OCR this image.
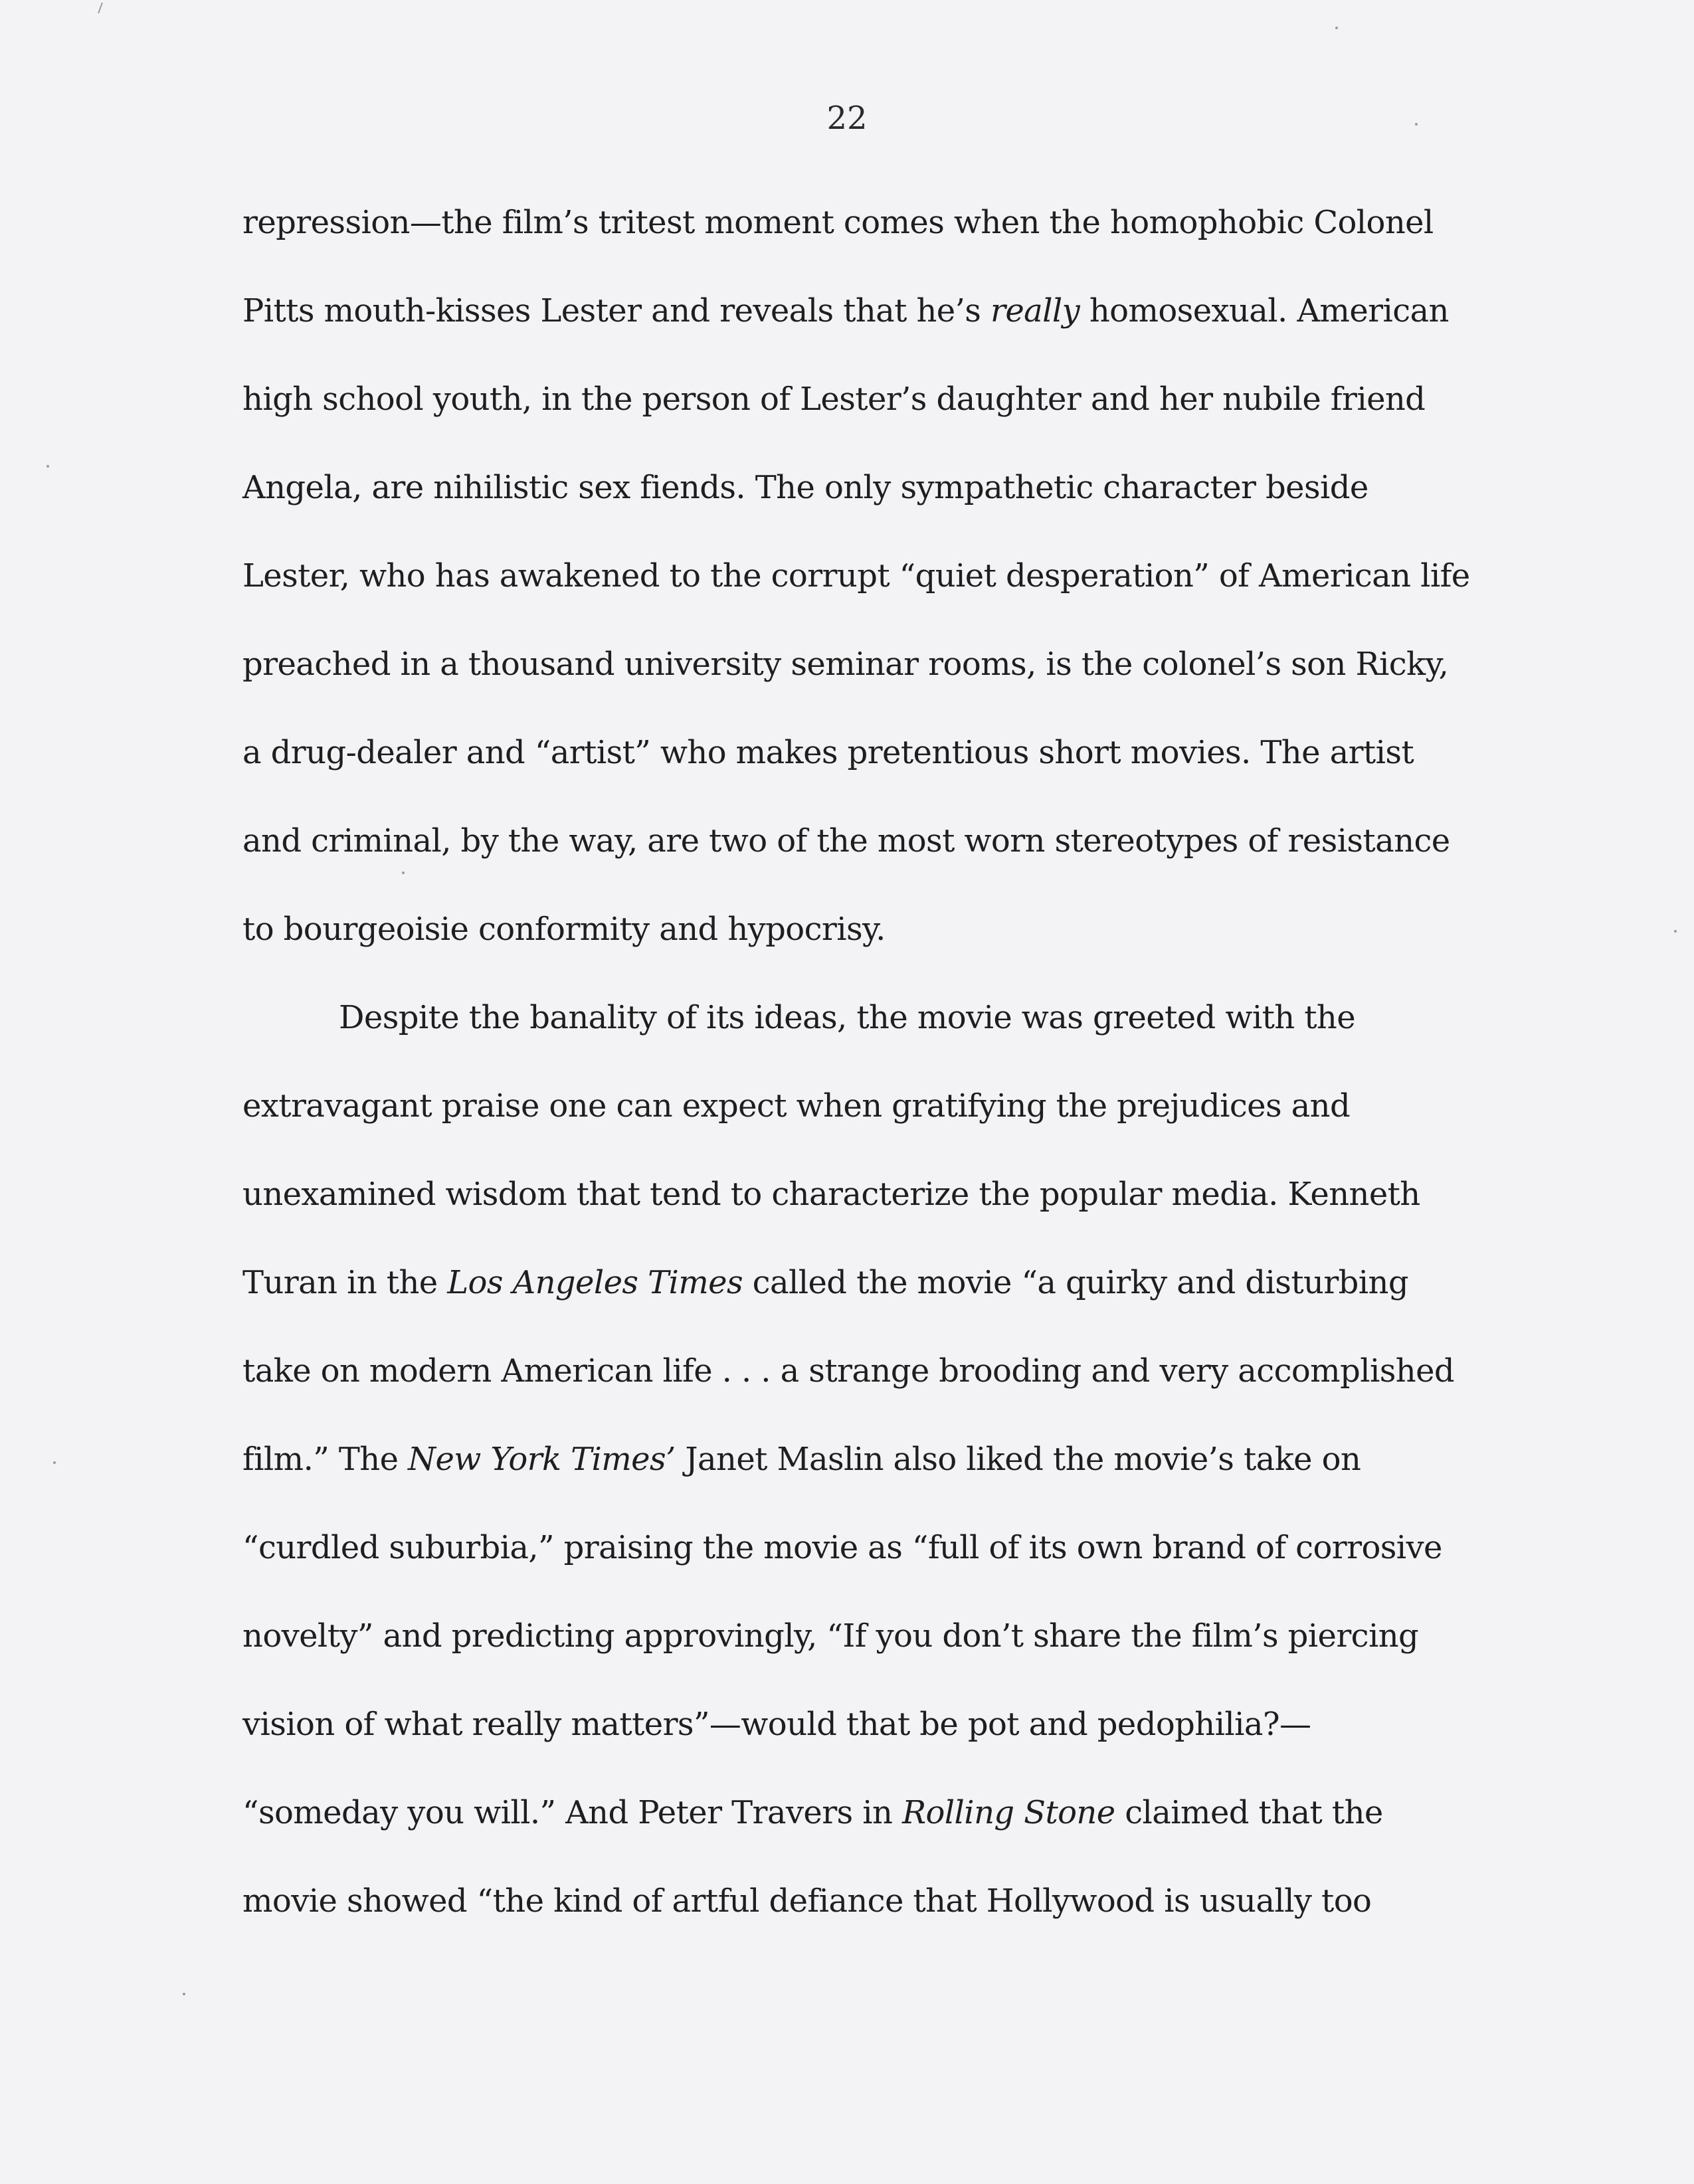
22

repression—the film’s tritest moment comes when the homophobic Colonel

Pitts mouth-kisses Lester and reveals that he’s really homosexual. American

high school youth, in the person of Lester’s daughter and her nubile friend

Angela, are nihilistic sex fiends. The only sympathetic character beside

Lester, who has awakened to the corrupt “quiet desperation” of American life

preached in a thousand university seminar rooms, is the colonel’s son Ricky,

a drug-dealer and “artist” who makes pretentious short movies. The artist

and criminal, by the way, are two of the most worn stereotypes of resistance

to bourgeoisie conformity and hypocrisy.

Despite the banality of its ideas, the movie was greeted with the

extravagant praise one can expect when gratifying the prejudices and

unexamined wisdom that tend to characterize the popular media. Kenneth

Turan in the Los Angeles Times called the movie “a quirky and disturbing

take on modern American life . . . a strange brooding and very accomplished

film.” The New York Times’ Janet Maslin also liked the movie’s take on

“curdled suburbia,” praising the movie as “full of its own brand of corrosive

novelty” and predicting approvingly, “If you don’t share the film’s piercing

vision of what really matters”—would that be pot and pedophilia?—

“someday you will.” And Peter Travers in Rolling Stone claimed that the

movie showed “the kind of artful defiance that Hollywood is usually too
